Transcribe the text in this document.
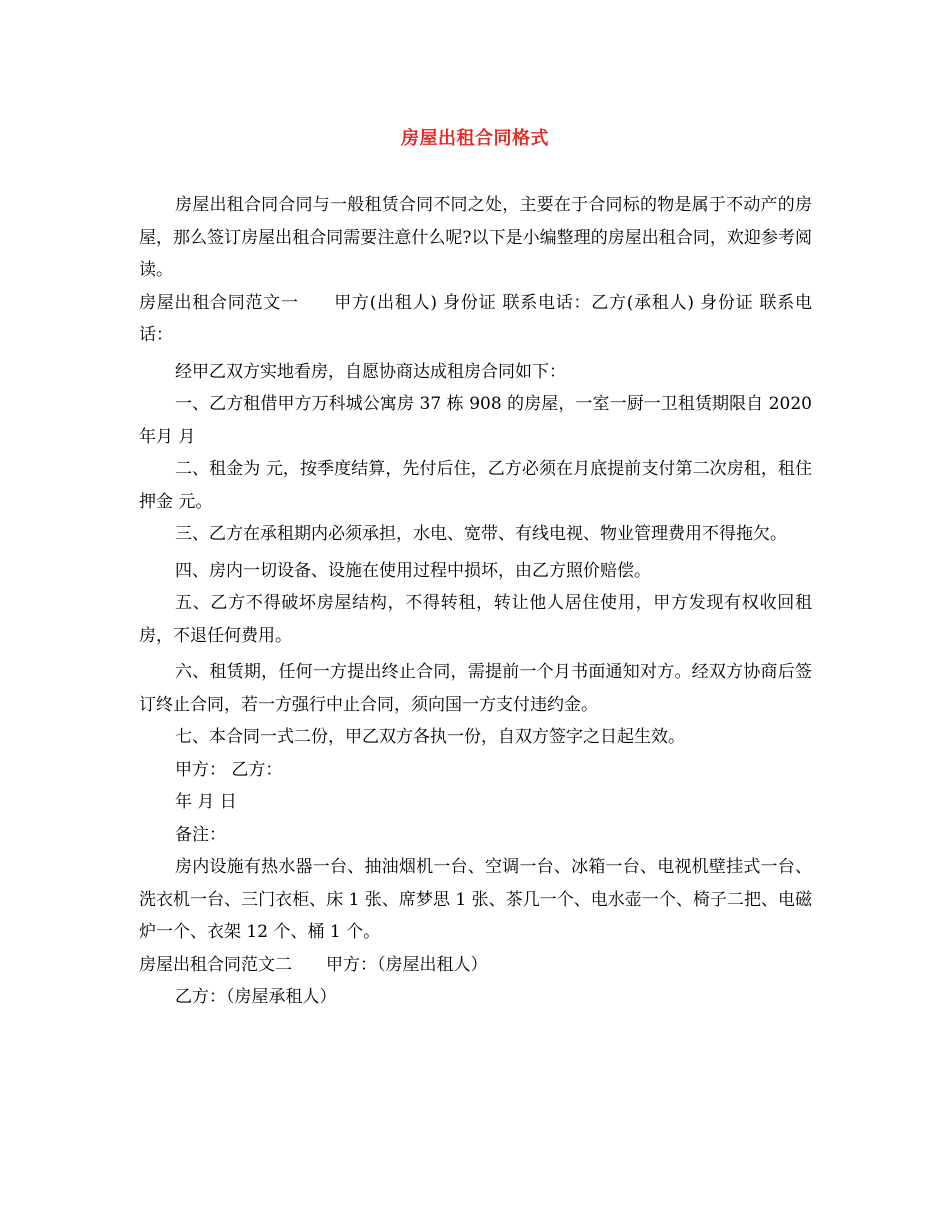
房屋出租合同格式

房屋出租合同合同与一般租赁合同不同之处，主要在于合同标的物是属于不动产的房屋，那么签订房屋出租合同需要注意什么呢?以下是小编整理的房屋出租合同，欢迎参考阅读。

房屋出租合同范文一　　甲方(出租人) 身份证 联系电话：乙方(承租人) 身份证 联系电话：

经甲乙双方实地看房，自愿协商达成租房合同如下：

一、乙方租借甲方万科城公寓房 37 栋 908 的房屋，一室一厨一卫租赁期限自 2020 年月 月

二、租金为 元，按季度结算，先付后住，乙方必须在月底提前支付第二次房租，租住押金 元。

三、乙方在承租期内必须承担，水电、宽带、有线电视、物业管理费用不得拖欠。

四、房内一切设备、设施在使用过程中损坏，由乙方照价赔偿。

五、乙方不得破坏房屋结构，不得转租，转让他人居住使用，甲方发现有权收回租房，不退任何费用。

六、租赁期，任何一方提出终止合同，需提前一个月书面通知对方。经双方协商后签订终止合同，若一方强行中止合同，须向国一方支付违约金。

七、本合同一式二份，甲乙双方各执一份，自双方签字之日起生效。

甲方： 乙方：

年 月 日

备注：

房内设施有热水器一台、抽油烟机一台、空调一台、冰箱一台、电视机壁挂式一台、洗衣机一台、三门衣柜、床 1 张、席梦思 1 张、茶几一个、电水壶一个、椅子二把、电磁炉一个、衣架 12 个、桶 1 个。

房屋出租合同范文二　　甲方：（房屋出租人）

乙方：（房屋承租人）
